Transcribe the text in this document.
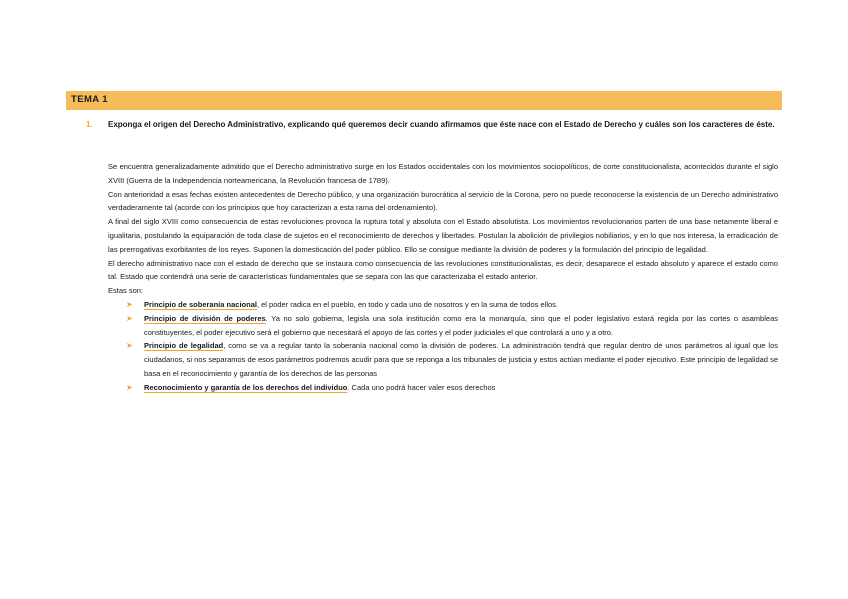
TEMA 1
1. Exponga el origen del Derecho Administrativo, explicando qué queremos decir cuando afirmamos que éste nace con el Estado de Derecho y cuáles son los caracteres de éste.

Se encuentra generalizadamente admitido que el Derecho administrativo surge en los Estados occidentales con los movimientos sociopolíticos, de corte constitucionalista, acontecidos durante el siglo XVIII (Guerra de la Independencia norteamericana, la Revolución francesa de 1789).

Con anterioridad a esas fechas existen antecedentes de Derecho público, y una organización burocrática al servicio de la Corona, pero no puede reconocerse la existencia de un Derecho administrativo verdaderamente tal (acorde con los principios que hoy caracterizan a esta rama del ordenamiento).

A final del siglo XVIII como consecuencia de estas revoluciones provoca la ruptura total y absoluta con el Estado absolutista. Los movimientos revolucionarios parten de una base netamente liberal e igualitaria, postulando la equiparación de toda clase de sujetos en el reconocimiento de derechos y libertades. Postulan la abolición de privilegios nobiliarios, y en lo que nos interesa, la erradicación de las prerrogativas exorbitantes de los reyes. Suponen la domesticación del poder público. Ello se consigue mediante la división de poderes y la formulación del principio de legalidad.

El derecho administrativo nace con el estado de derecho que se instaura como consecuencia de las revoluciones constitucionalistas, es decir, desaparece el estado absoluto y aparece el estado como tal. Estado que contendrá una serie de características fundamentales que se separa con las que caracterizaba el estado anterior.

Estas son:

➤ Principio de soberanía nacional, el poder radica en el pueblo, en todo y cada uno de nosotros y en la suma de todos ellos.
➤ Principio de división de poderes. Ya no solo gobierna, legisla una sola institución como era la monarquía, sino que el poder legislativo estará regida por las cortes o asambleas constituyentes, el poder ejecutivo será el gobierno que necesitará el apoyo de las cortes y el poder judiciales el que controlará a uno y a otro.
➤ Principio de legalidad, como se va a regular tanto la soberanía nacional como la división de poderes. La administración tendrá que regular dentro de unos parámetros al igual que los ciudadanos, si nos separamos de esos parámetros podremos acudir para que se reponga a los tribunales de justicia y estos actúan mediante el poder ejecutivo. Este principio de legalidad se basa en el reconocimiento y garantía de los derechos de las personas
➤ Reconocimiento y garantía de los derechos del individuo. Cada uno podrá hacer valer esos derechos
